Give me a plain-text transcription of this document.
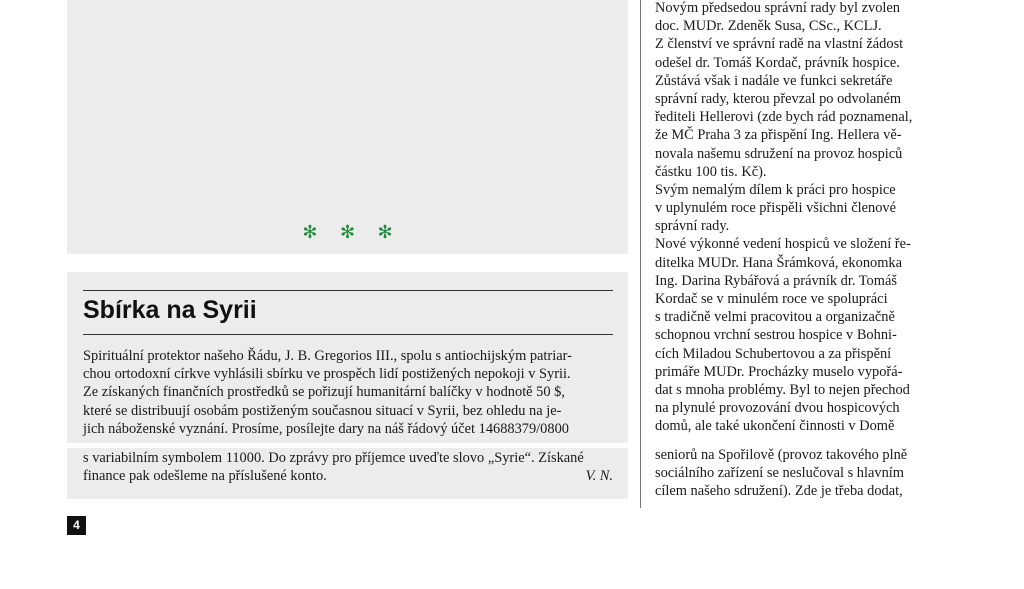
✻ ✻ ✻
Sbírka na Syrii
Spirituální protektor našeho Řádu, J. B. Gregorios III., spolu s antiochijským patriar-
chou ortodoxní církve vyhlásili sbírku ve prospěch lidí postižených nepokoji v Syrii.
Ze získaných finančních prostředků se pořizují humanitární balíčky v hodnotě 50 $,
které se distribuují osobám postiženým současnou situací v Syrii, bez ohledu na je-
jich náboženské vyznání. Prosíme, posílejte dary na náš řádový účet 14688379/0800
s variabilním symbolem 11000. Do zprávy pro příjemce uveďte slovo „Syrie“. Získané
finance pak odešleme na příslušené konto.	V. N.
Novým předsedou správní rady byl zvolen
doc. MUDr. Zdeněk Susa, CSc., KCLJ.
Z členství ve správní radě na vlastní žádost
odešel dr. Tomáš Kordač, právník hospice.
Zůstává však i nadále ve funkci sekretáře
správní rady, kterou převzal po odvolaném
řediteli Hellerovi (zde bych rád poznamenal,
že MČ Praha 3 za přispění Ing. Hellera vě-
novala našemu sdružení na provoz hospiců
částku 100 tis. Kč).
Svým nemalým dílem k práci pro hospice
v uplynulém roce přispěli všichni členové
správní rady.
Nové výkonné vedení hospiců ve složení ře-
ditelka MUDr. Hana Šrámková, ekonomka
Ing. Darina Rybářová a právník dr. Tomáš
Kordač se v minulém roce ve spolupráci
s tradičně velmi pracovitou a organizačně
schopnou vrchní sestrou hospice v Bohni-
cích Miladou Schubertovou a za přispění
primáře MUDr. Procházky muselo vypořá-
dat s mnoha problémy. Byl to nejen přechod
na plynulé provozování dvou hospicových
domů, ale také ukončení činnosti v Domě
seniorů na Spořilově (provoz takového plně
sociálního zařízení se neslučoval s hlavním
cílem našeho sdružení). Zde je třeba dodat,
4
